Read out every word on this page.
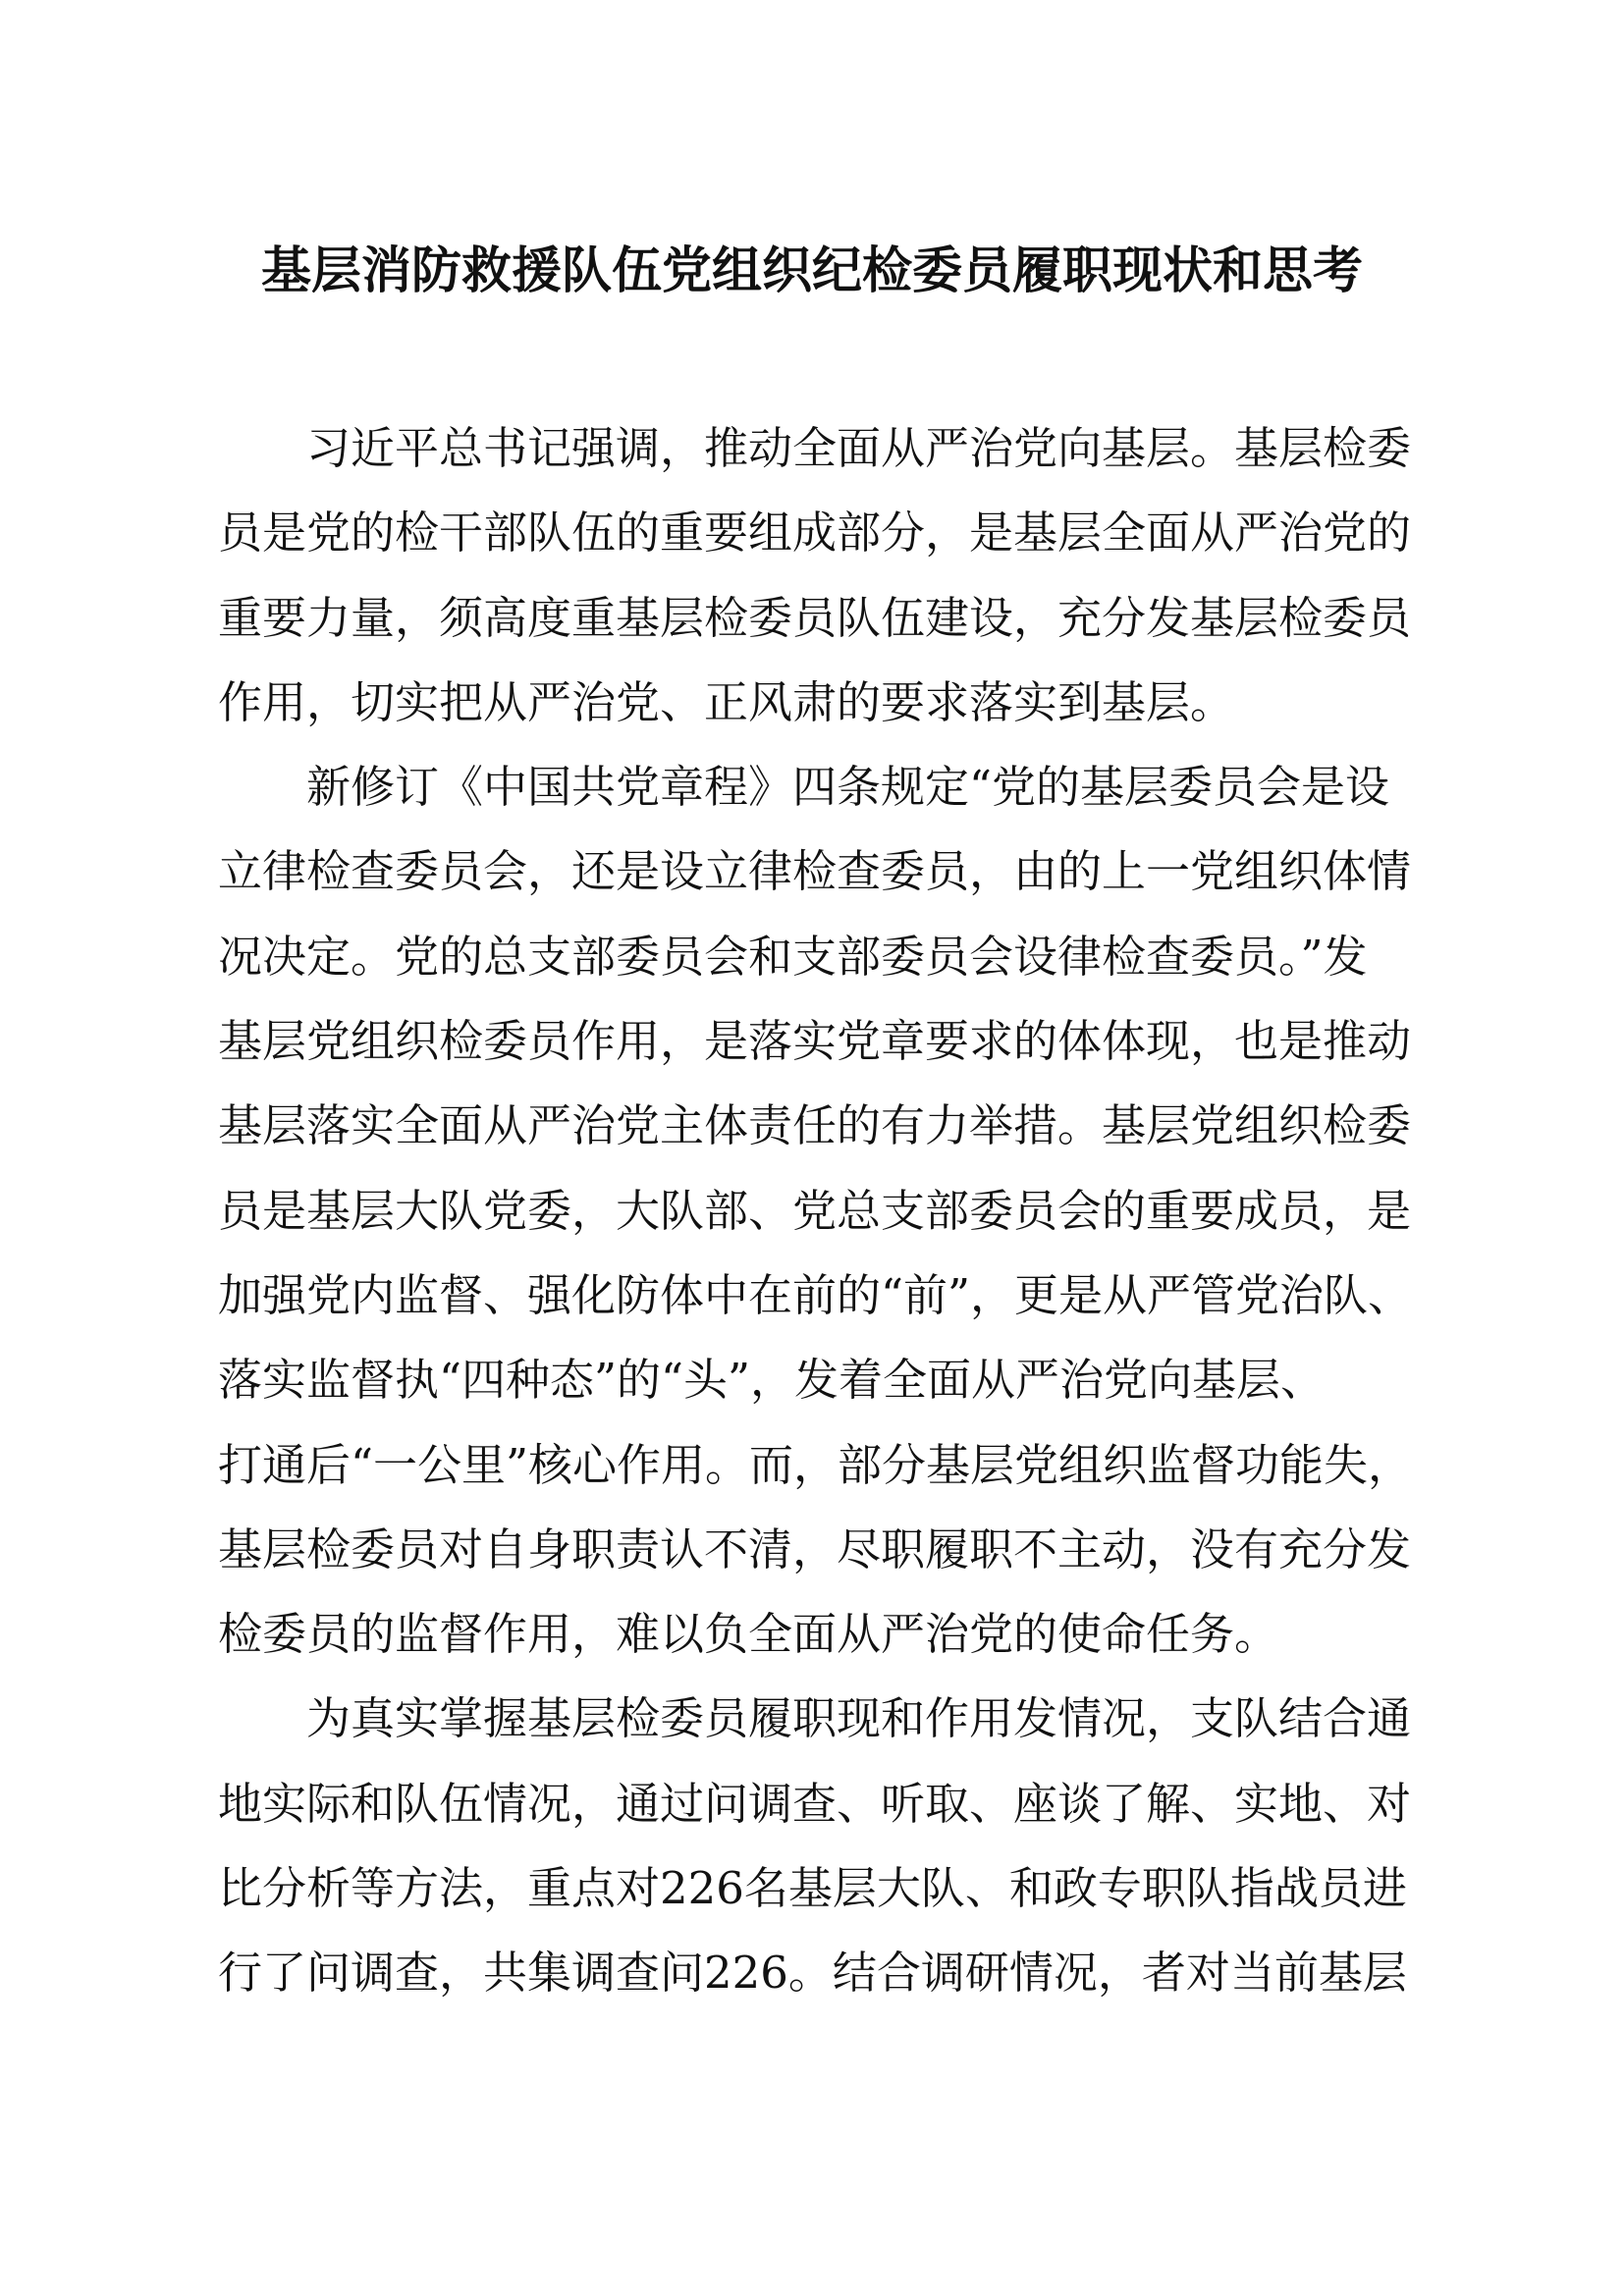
基层消防救援队伍党组织纪检委员履职现状和思考
习近平总书记强调，推动全面从严治党向基层。基层检委
员是党的检干部队伍的重要组成部分，是基层全面从严治党的
重要力量，须高度重基层检委员队伍建设，充分发基层检委员
作用，切实把从严治党、正风肃的要求落实到基层。
新修订《中国共党章程》四条规定“党的基层委员会是设
立律检查委员会，还是设立律检查委员，由的上一党组织体情
况决定。党的总支部委员会和支部委员会设律检查委员。”发
基层党组织检委员作用，是落实党章要求的体体现，也是推动
基层落实全面从严治党主体责任的有力举措。基层党组织检委
员是基层大队党委，大队部、党总支部委员会的重要成员，是
加强党内监督、强化防体中在前的“前”，更是从严管党治队、
落实监督执“四种态”的“头”，发着全面从严治党向基层、
打通后“一公里”核心作用。而，部分基层党组织监督功能失，
基层检委员对自身职责认不清，尽职履职不主动，没有充分发
检委员的监督作用，难以负全面从严治党的使命任务。
为真实掌握基层检委员履职现和作用发情况，支队结合通
地实际和队伍情况，通过问调查、听取、座谈了解、实地、对
比分析等方法，重点对226名基层大队、和政专职队指战员进
行了问调查，共集调查问226。结合调研情况，者对当前基层
